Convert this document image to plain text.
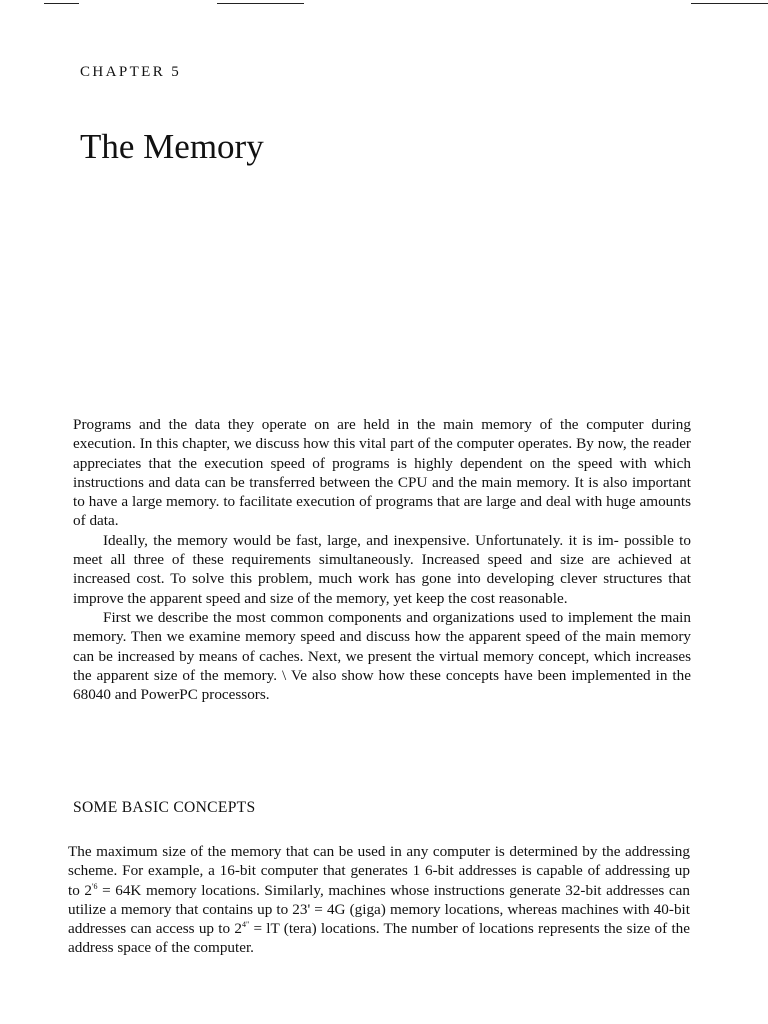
CHAPTER 5
The Memory

Programs and the data they operate on are held in the main memory of the computer during execution. In this chapter, we discuss how this vital part of the computer operates. By now, the reader appreciates that the execution speed of programs is highly dependent on the speed with which instructions and data can be transferred between the CPU and the main memory. It is also important to have a large memory. to facilitate execution of programs that are large and deal with huge amounts of data.

Ideally, the memory would be fast, large, and inexpensive. Unfortunately. it is im- possible to meet all three of these requirements simultaneously. Increased speed and size are achieved at increased cost. To solve this problem, much work has gone into developing clever structures that improve the apparent speed and size of the memory, yet keep the cost reasonable.

First we describe the most common components and organizations used to implement the main memory. Then we examine memory speed and discuss how the apparent speed of the main memory can be increased by means of caches. Next, we present the virtual memory concept, which increases the apparent size of the memory. \ Ve also show how these concepts have been implemented in the 68040 and PowerPC processors.

SOME BASIC CONCEPTS

The maximum size of the memory that can be used in any computer is determined by the addressing scheme. For example, a 16-bit computer that generates 1 6-bit addresses is capable of addressing up to $2^{'6} = 64K$ memory locations. Similarly, machines whose instructions generate 32-bit addresses can utilize a memory that contains up to 23' = 4G (giga) memory locations, whereas machines with 40-bit addresses can access up to $2^{4"}$ = lT (tera) locations. The number of locations represents the size of the address space of the computer.
